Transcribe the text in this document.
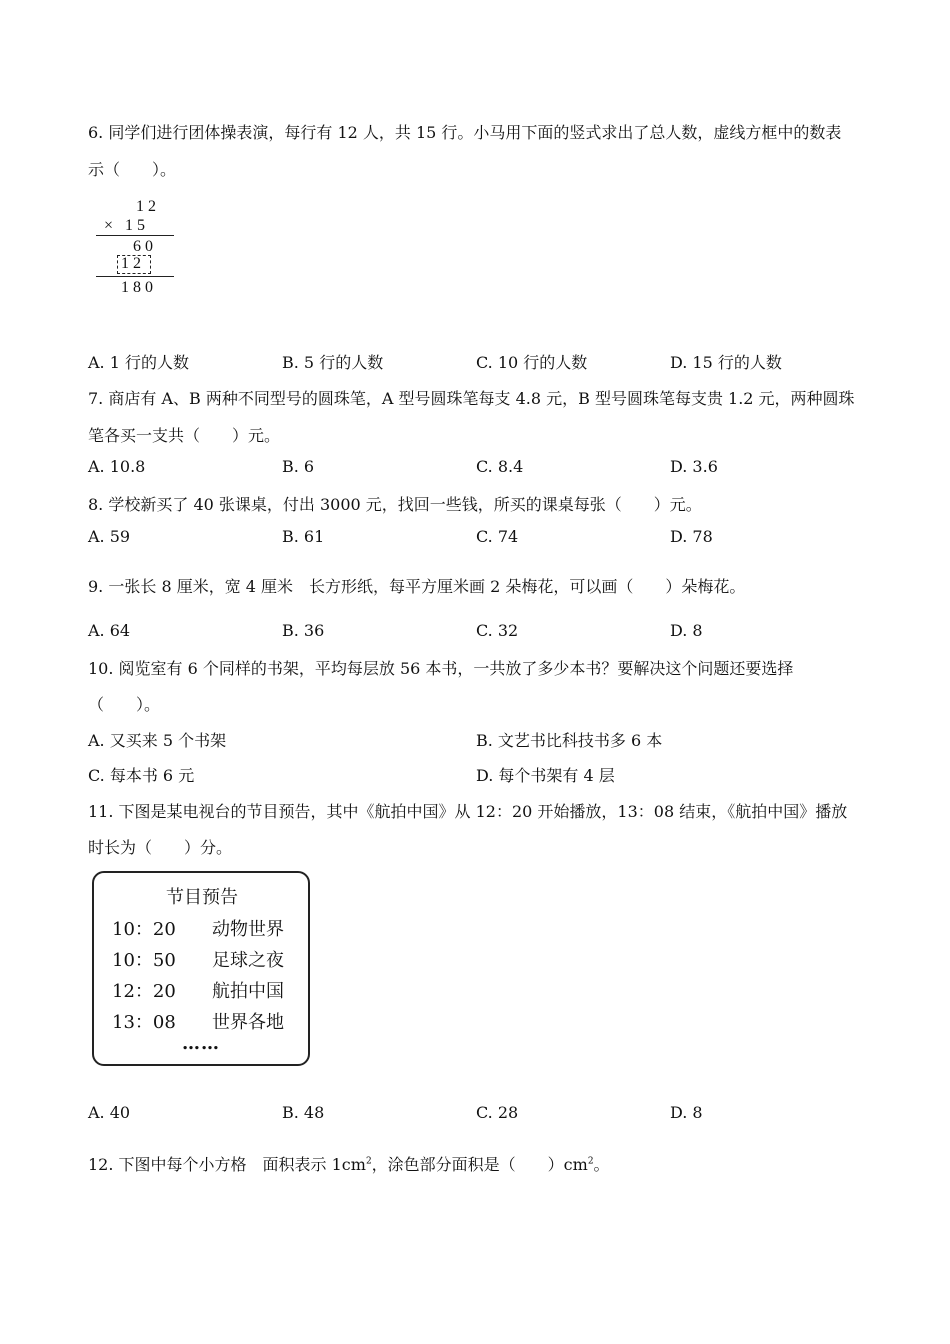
6. 同学们进行团体操表演，每行有 12 人，共 15 行。小马用下面的竖式求出了总人数，虚线方框中的数表
示（　　）。
12
× 15
60
12
180
A. 1 行的人数	B. 5 行的人数	C. 10 行的人数	D. 15 行的人数
7. 商店有 A、B 两种不同型号的圆珠笔，A 型号圆珠笔每支 4.8 元，B 型号圆珠笔每支贵 1.2 元，两种圆珠
笔各买一支共（　　）元。
A. 10.8	B. 6	C. 8.4	D. 3.6
8. 学校新买了 40 张课桌，付出 3000 元，找回一些钱，所买的课桌每张（　　）元。
A. 59	B. 61	C. 74	D. 78
9. 一张长 8 厘米，宽 4 厘米　长方形纸，每平方厘米画 2 朵梅花，可以画（　　）朵梅花。
A. 64	B. 36	C. 32	D. 8
10. 阅览室有 6 个同样的书架，平均每层放 56 本书，一共放了多少本书？要解决这个问题还要选择
（　　）。
A. 又买来 5 个书架	B. 文艺书比科技书多 6 本
C. 每本书 6 元	D. 每个书架有 4 层
11. 下图是某电视台的节目预告，其中《航拍中国》从 12：20 开始播放，13：08 结束，《航拍中国》播放
时长为（　　）分。
节目预告
10：20 动物世界
10：50 足球之夜
12：20 航拍中国
13：08 世界各地
……
A. 40	B. 48	C. 28	D. 8
12. 下图中每个小方格　面积表示 $1cm^2$，涂色部分面积是（　　）$cm^2$。
